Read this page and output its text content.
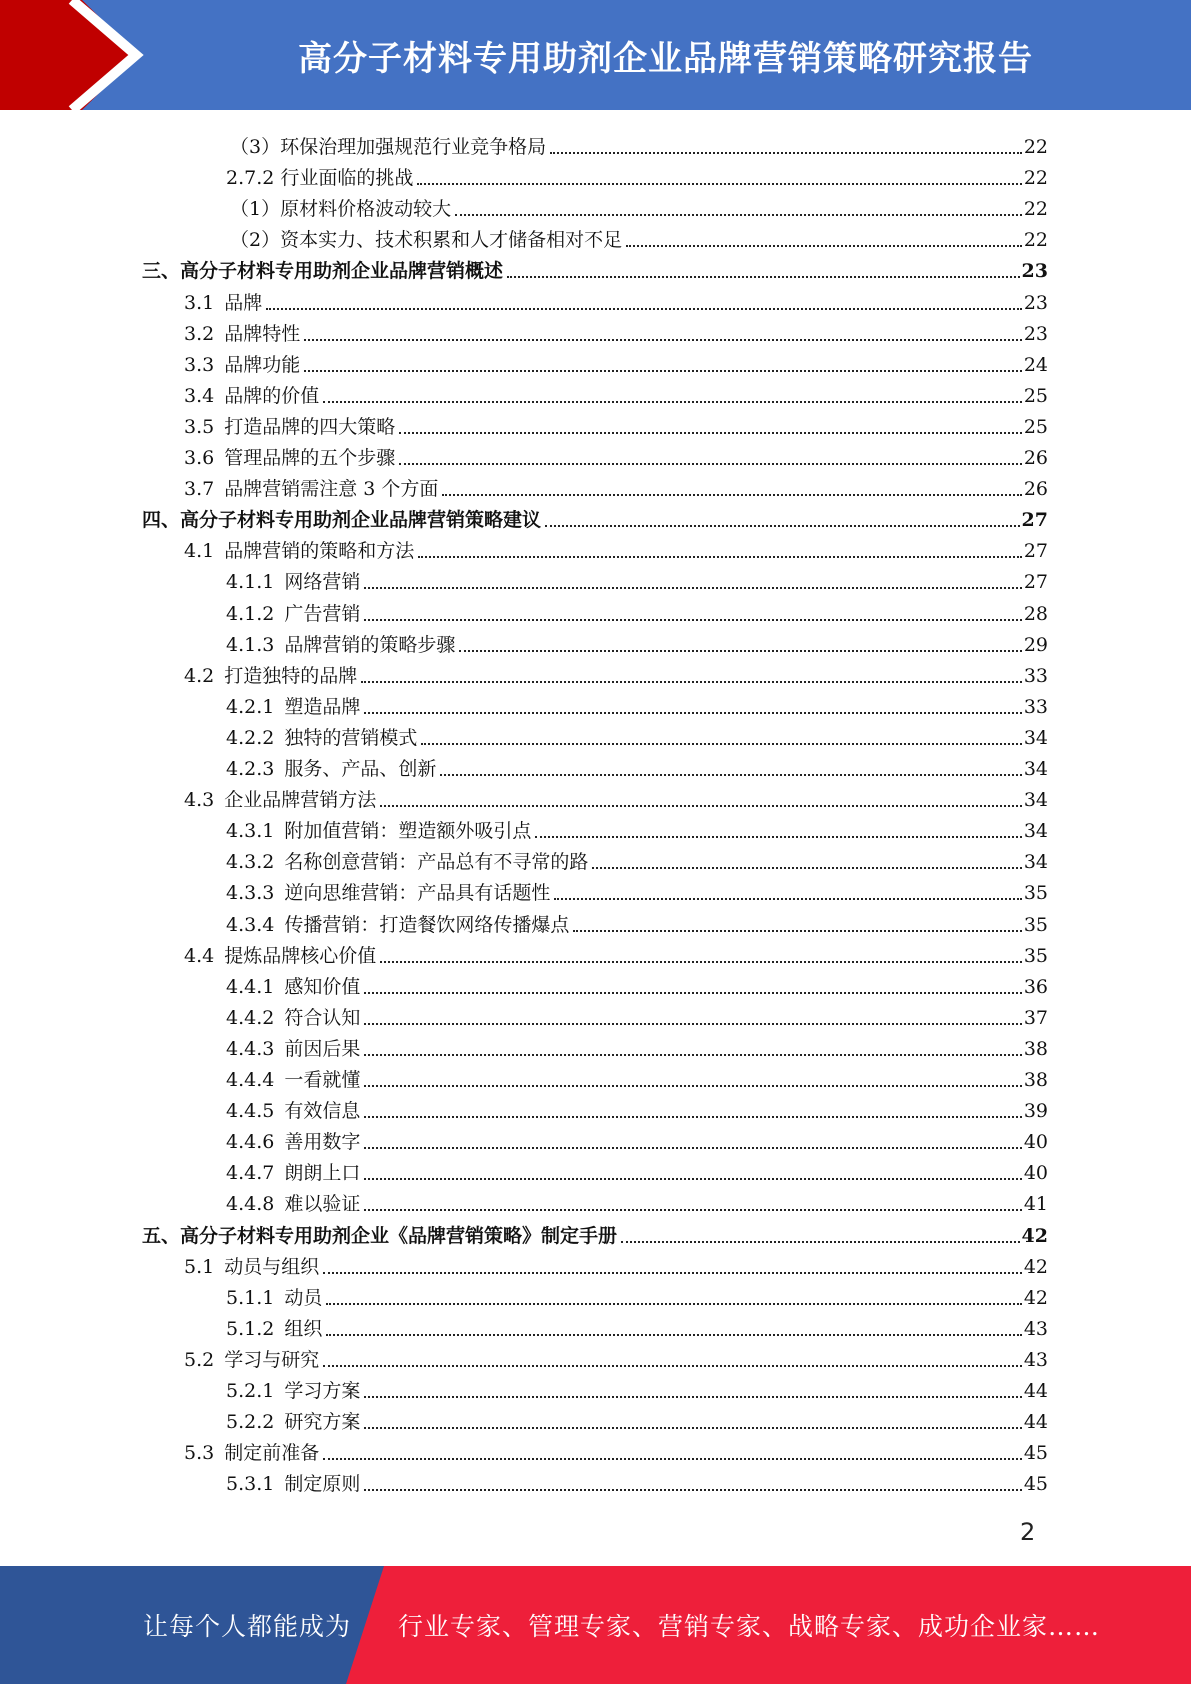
高分子材料专用助剂企业品牌营销策略研究报告
（3）环保治理加强规范行业竞争格局	22
2.7.2 行业面临的挑战	22
（1）原材料价格波动较大	22
（2）资本实力、技术积累和人才储备相对不足	22
三、高分子材料专用助剂企业品牌营销概述	23
3.1 品牌	23
3.2 品牌特性	23
3.3 品牌功能	24
3.4 品牌的价值	25
3.5 打造品牌的四大策略	25
3.6 管理品牌的五个步骤	26
3.7 品牌营销需注意 3 个方面	26
四、高分子材料专用助剂企业品牌营销策略建议	27
4.1 品牌营销的策略和方法	27
4.1.1 网络营销	27
4.1.2 广告营销	28
4.1.3 品牌营销的策略步骤	29
4.2 打造独特的品牌	33
4.2.1 塑造品牌	33
4.2.2 独特的营销模式	34
4.2.3 服务、产品、创新	34
4.3 企业品牌营销方法	34
4.3.1 附加值营销：塑造额外吸引点	34
4.3.2 名称创意营销：产品总有不寻常的路	34
4.3.3 逆向思维营销：产品具有话题性	35
4.3.4 传播营销：打造餐饮网络传播爆点	35
4.4 提炼品牌核心价值	35
4.4.1 感知价值	36
4.4.2 符合认知	37
4.4.3 前因后果	38
4.4.4 一看就懂	38
4.4.5 有效信息	39
4.4.6 善用数字	40
4.4.7 朗朗上口	40
4.4.8 难以验证	41
五、高分子材料专用助剂企业《品牌营销策略》制定手册	42
5.1 动员与组织	42
5.1.1 动员	42
5.1.2 组织	43
5.2 学习与研究	43
5.2.1 学习方案	44
5.2.2 研究方案	44
5.3 制定前准备	45
5.3.1 制定原则	45
2
让每个人都能成为 行业专家、管理专家、营销专家、战略专家、成功企业家……
